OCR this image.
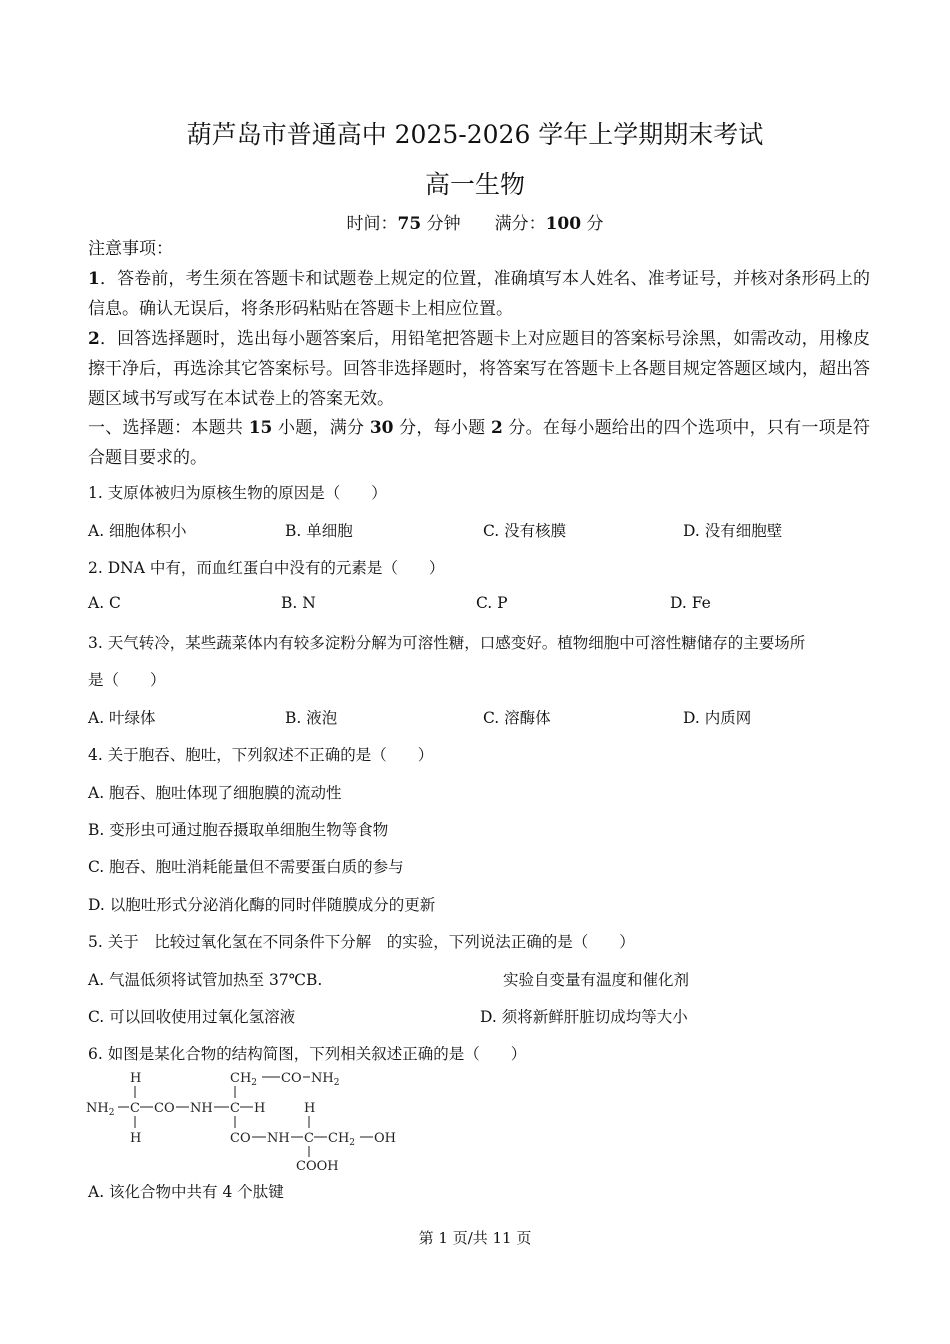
葫芦岛市普通高中 2025-2026 学年上学期期末考试
高一生物
时间：75 分钟 满分：100 分
注意事项：
1．答卷前，考生须在答题卡和试题卷上规定的位置，准确填写本人姓名、准考证号，并核对条形码上的信息。确认无误后，将条形码粘贴在答题卡上相应位置。
2．回答选择题时，选出每小题答案后，用铅笔把答题卡上对应题目的答案标号涂黑，如需改动，用橡皮擦干净后，再选涂其它答案标号。回答非选择题时，将答案写在答题卡上各题目规定答题区域内，超出答题区域书写或写在本试卷上的答案无效。
一、选择题：本题共 15 小题，满分 30 分，每小题 2 分。在每小题给出的四个选项中，只有一项是符合题目要求的。
1. 支原体被归为原核生物的原因是（　　）
A. 细胞体积小	B. 单细胞	C. 没有核膜	D. 没有细胞壁
2. DNA 中有，而血红蛋白中没有的元素是（　　）
A. C	B. N	C. P	D. Fe
3. 天气转冷，某些蔬菜体内有较多淀粉分解为可溶性糖，口感变好。植物细胞中可溶性糖储存的主要场所
是（　　）
A. 叶绿体	B. 液泡	C. 溶酶体	D. 内质网
4. 关于胞吞、胞吐，下列叙述不正确的是（　　）
A. 胞吞、胞吐体现了细胞膜的流动性
B. 变形虫可通过胞吞摄取单细胞生物等食物
C. 胞吞、胞吐消耗能量但不需要蛋白质的参与
D. 以胞吐形式分泌消化酶的同时伴随膜成分的更新
5. 关于　比较过氧化氢在不同条件下分解　的实验，下列说法正确的是（　　）
A. 气温低须将试管加热至 37℃B.	实验自变量有温度和催化剂
C. 可以回收使用过氧化氢溶液	D. 须将新鲜肝脏切成均等大小
6. 如图是某化合物的结构简图，下列相关叙述正确的是（　　）
H	$CH_2$ CO $NH_2$
$NH_2$ C CO NH C H	H
H	CO NH C $CH_2$ OH
COOH
A. 该化合物中共有 4 个肽键
第 1 页/共 11 页
